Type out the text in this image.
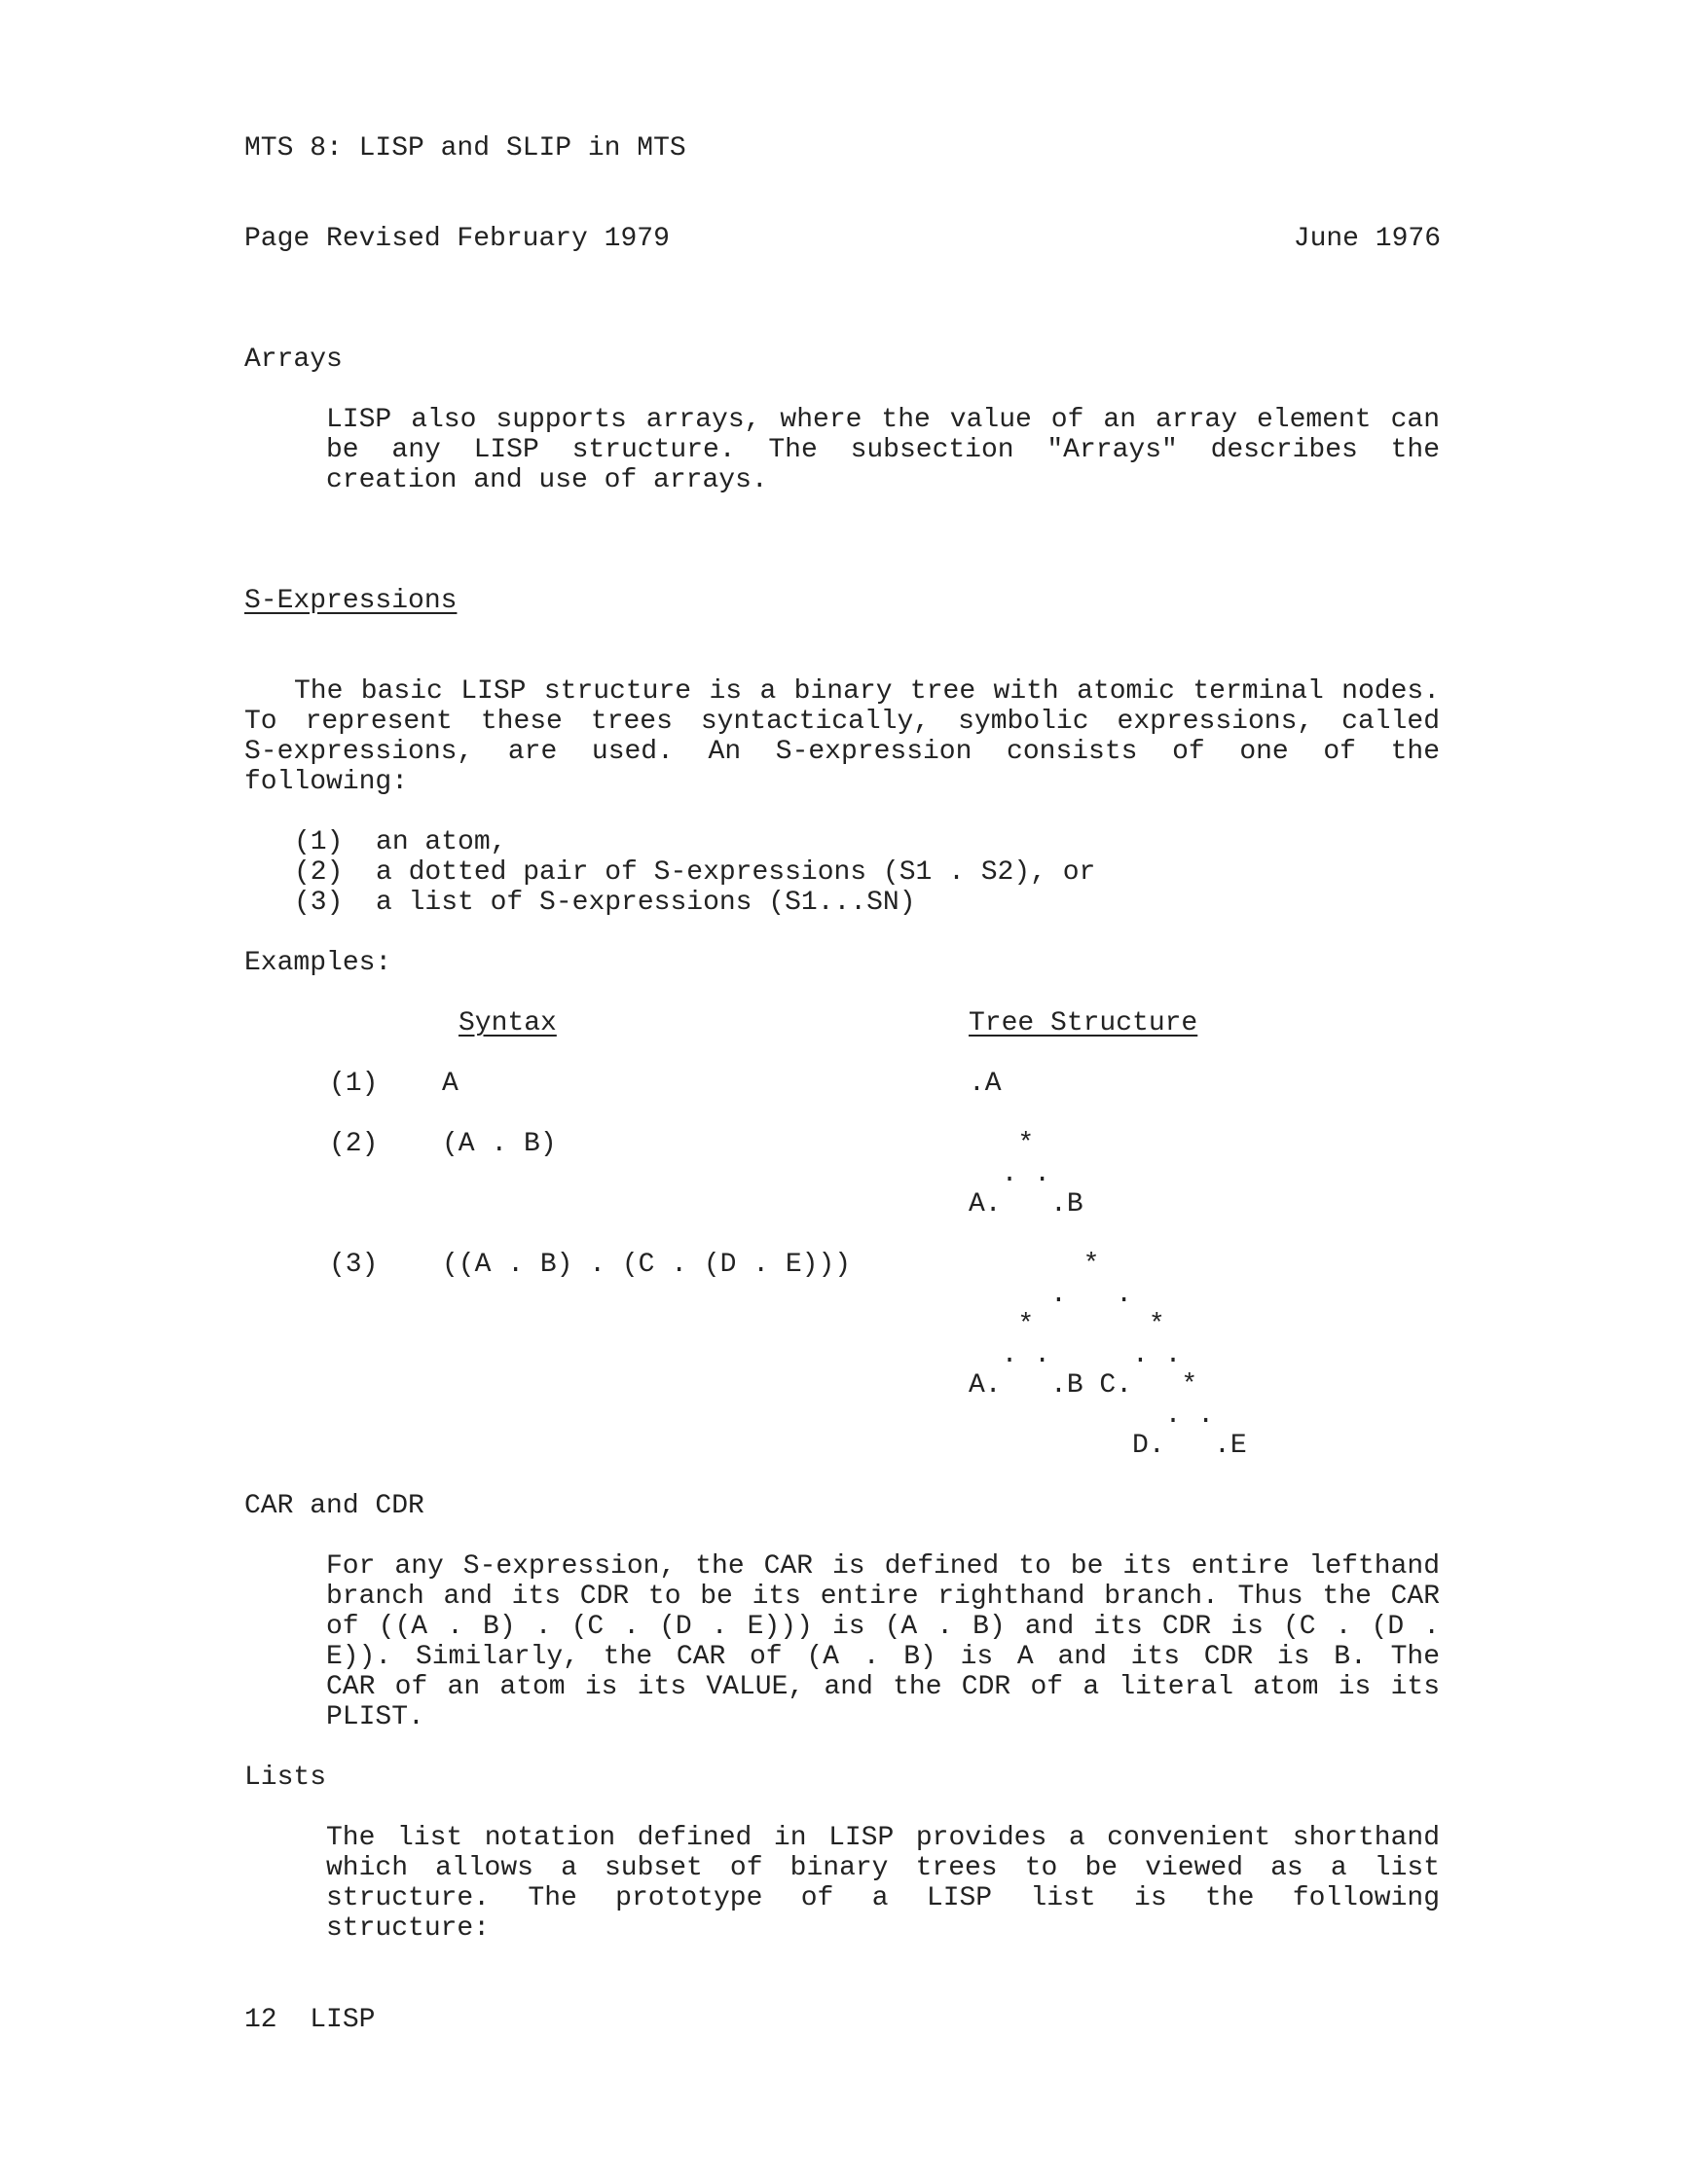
MTS 8: LISP and SLIP in MTS
Page Revised February 1979	June 1976
Arrays
LISP also supports arrays, where the value of an array element can
be any LISP structure. The subsection "Arrays" describes the
creation and use of arrays.
S-Expressions
The basic LISP structure is a binary tree with atomic terminal nodes.
To represent these trees syntactically, symbolic expressions, called
S-expressions, are used. An S-expression consists of one of the
following:
(1)  an atom,
(2)  a dotted pair of S-expressions (S1 . S2), or
(3)  a list of S-expressions (S1...SN)
Examples:
Syntax	Tree Structure
(1) A	.A
(2) (A . B)	*
. .
A.   .B
(3) ((A . B) . (C . (D . E)))	*
.   .
*       *
. .     . .
A.   .B C.   *
. .
D.   .E
CAR and CDR
For any S-expression, the CAR is defined to be its entire lefthand
branch and its CDR to be its entire righthand branch. Thus the CAR
of ((A . B) . (C . (D . E))) is (A . B) and its CDR is (C . (D .
E)). Similarly, the CAR of (A . B) is A and its CDR is B. The
CAR of an atom is its VALUE, and the CDR of a literal atom is its
PLIST.
Lists
The list notation defined in LISP provides a convenient shorthand
which allows a subset of binary trees to be viewed as a list
structure. The prototype of a LISP list is the following
structure:
12  LISP
